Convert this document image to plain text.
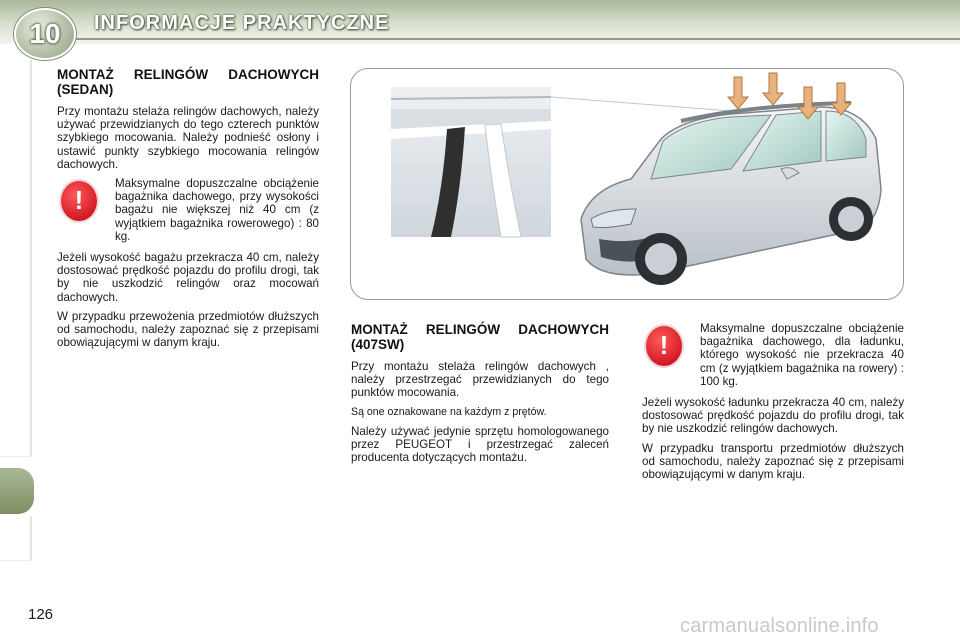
10 INFORMACJE PRAKTYCZNE
MONTAŻ RELINGÓW DACHOWYCH (SEDAN)

Przy montażu stelaża relingów dachowych, należy używać przewidzianych do tego czterech punktów szybkiego mocowania. Należy podnieść osłony i ustawić punkty szybkiego mocowania relingów dachowych.

!
Maksymalne dopuszczalne obciążenie bagażnika dachowego, przy wysokości bagażu nie większej niż 40 cm (z wyjątkiem bagażnika rowerowego) : 80 kg.

Jeżeli wysokość bagażu przekracza 40 cm, należy dostosować prędkość pojazdu do profilu drogi, tak by nie uszkodzić relingów oraz mocowań dachowych.

W przypadku przewożenia przedmiotów dłuższych od samochodu, należy zapoznać się z przepisami obowiązującymi w danym kraju.

MONTAŻ RELINGÓW DACHOWYCH (407SW)

Przy montażu stelaża relingów dachowych , należy przestrzegać przewidzianych do tego punktów mocowania.

Są one oznakowane na każdym z prętów.

Należy używać jedynie sprzętu homologowanego przez PEUGEOT i przestrzegać zaleceń producenta dotyczących montażu.

!
Maksymalne dopuszczalne obciążenie bagażnika dachowego, dla ładunku, którego wysokość nie przekracza 40 cm (z wyjątkiem bagażnika na rowery) : 100 kg.

Jeżeli wysokość ładunku przekracza 40 cm, należy dostosować prędkość pojazdu do profilu drogi, tak by nie uszkodzić relingów dachowych.

W przypadku transportu przedmiotów dłuższych od samochodu, należy zapoznać się z przepisami obowiązującymi w danym kraju.

126
carmanualsonline.info
